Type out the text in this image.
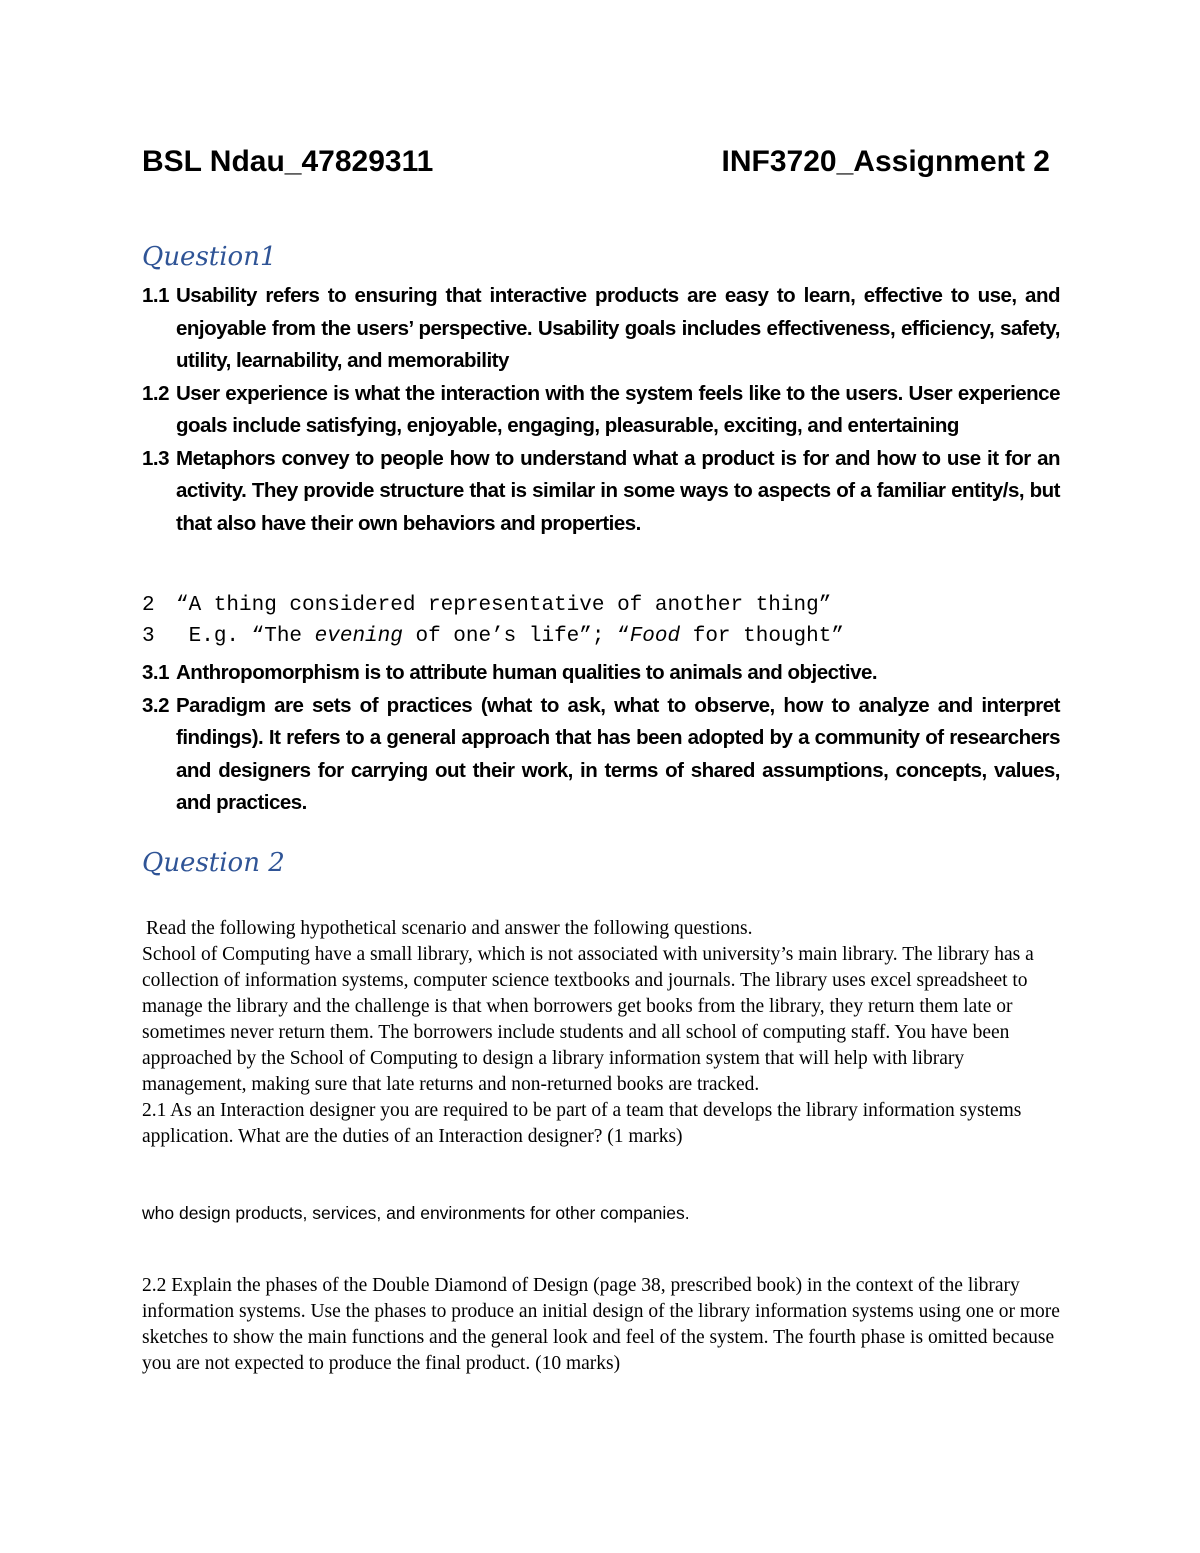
BSL Ndau_47829311	INF3720_Assignment 2
Question1

1.1 Usability refers to ensuring that interactive products are easy to learn, effective to use, and enjoyable from the users’ perspective. Usability goals includes effectiveness, efficiency, safety, utility, learnability, and memorability

1.2 User experience is what the interaction with the system feels like to the users. User experience goals include satisfying, enjoyable, engaging, pleasurable, exciting, and entertaining

1.3 Metaphors convey to people how to understand what a product is for and how to use it for an activity. They provide structure that is similar in some ways to aspects of a familiar entity/s, but that also have their own behaviors and properties.

2 “A thing considered representative of another thing”
3 E.g. “The evening of one’s life”; “Food for thought”

3.1 Anthropomorphism is to attribute human qualities to animals and objective.

3.2 Paradigm are sets of practices (what to ask, what to observe, how to analyze and interpret findings). It refers to a general approach that has been adopted by a community of researchers and designers for carrying out their work, in terms of shared assumptions, concepts, values, and practices.

Question 2

Read the following hypothetical scenario and answer the following questions.

School of Computing have a small library, which is not associated with university’s main library. The library has a collection of information systems, computer science textbooks and journals. The library uses excel spreadsheet to manage the library and the challenge is that when borrowers get books from the library, they return them late or sometimes never return them. The borrowers include students and all school of computing staff. You have been approached by the School of Computing to design a library information system that will help with library management, making sure that late returns and non-returned books are tracked.

2.1 As an Interaction designer you are required to be part of a team that develops the library information systems application. What are the duties of an Interaction designer? (1 marks)

who design products, services, and environments for other companies.

2.2 Explain the phases of the Double Diamond of Design (page 38, prescribed book) in the context of the library information systems. Use the phases to produce an initial design of the library information systems using one or more sketches to show the main functions and the general look and feel of the system. The fourth phase is omitted because you are not expected to produce the final product. (10 marks)
